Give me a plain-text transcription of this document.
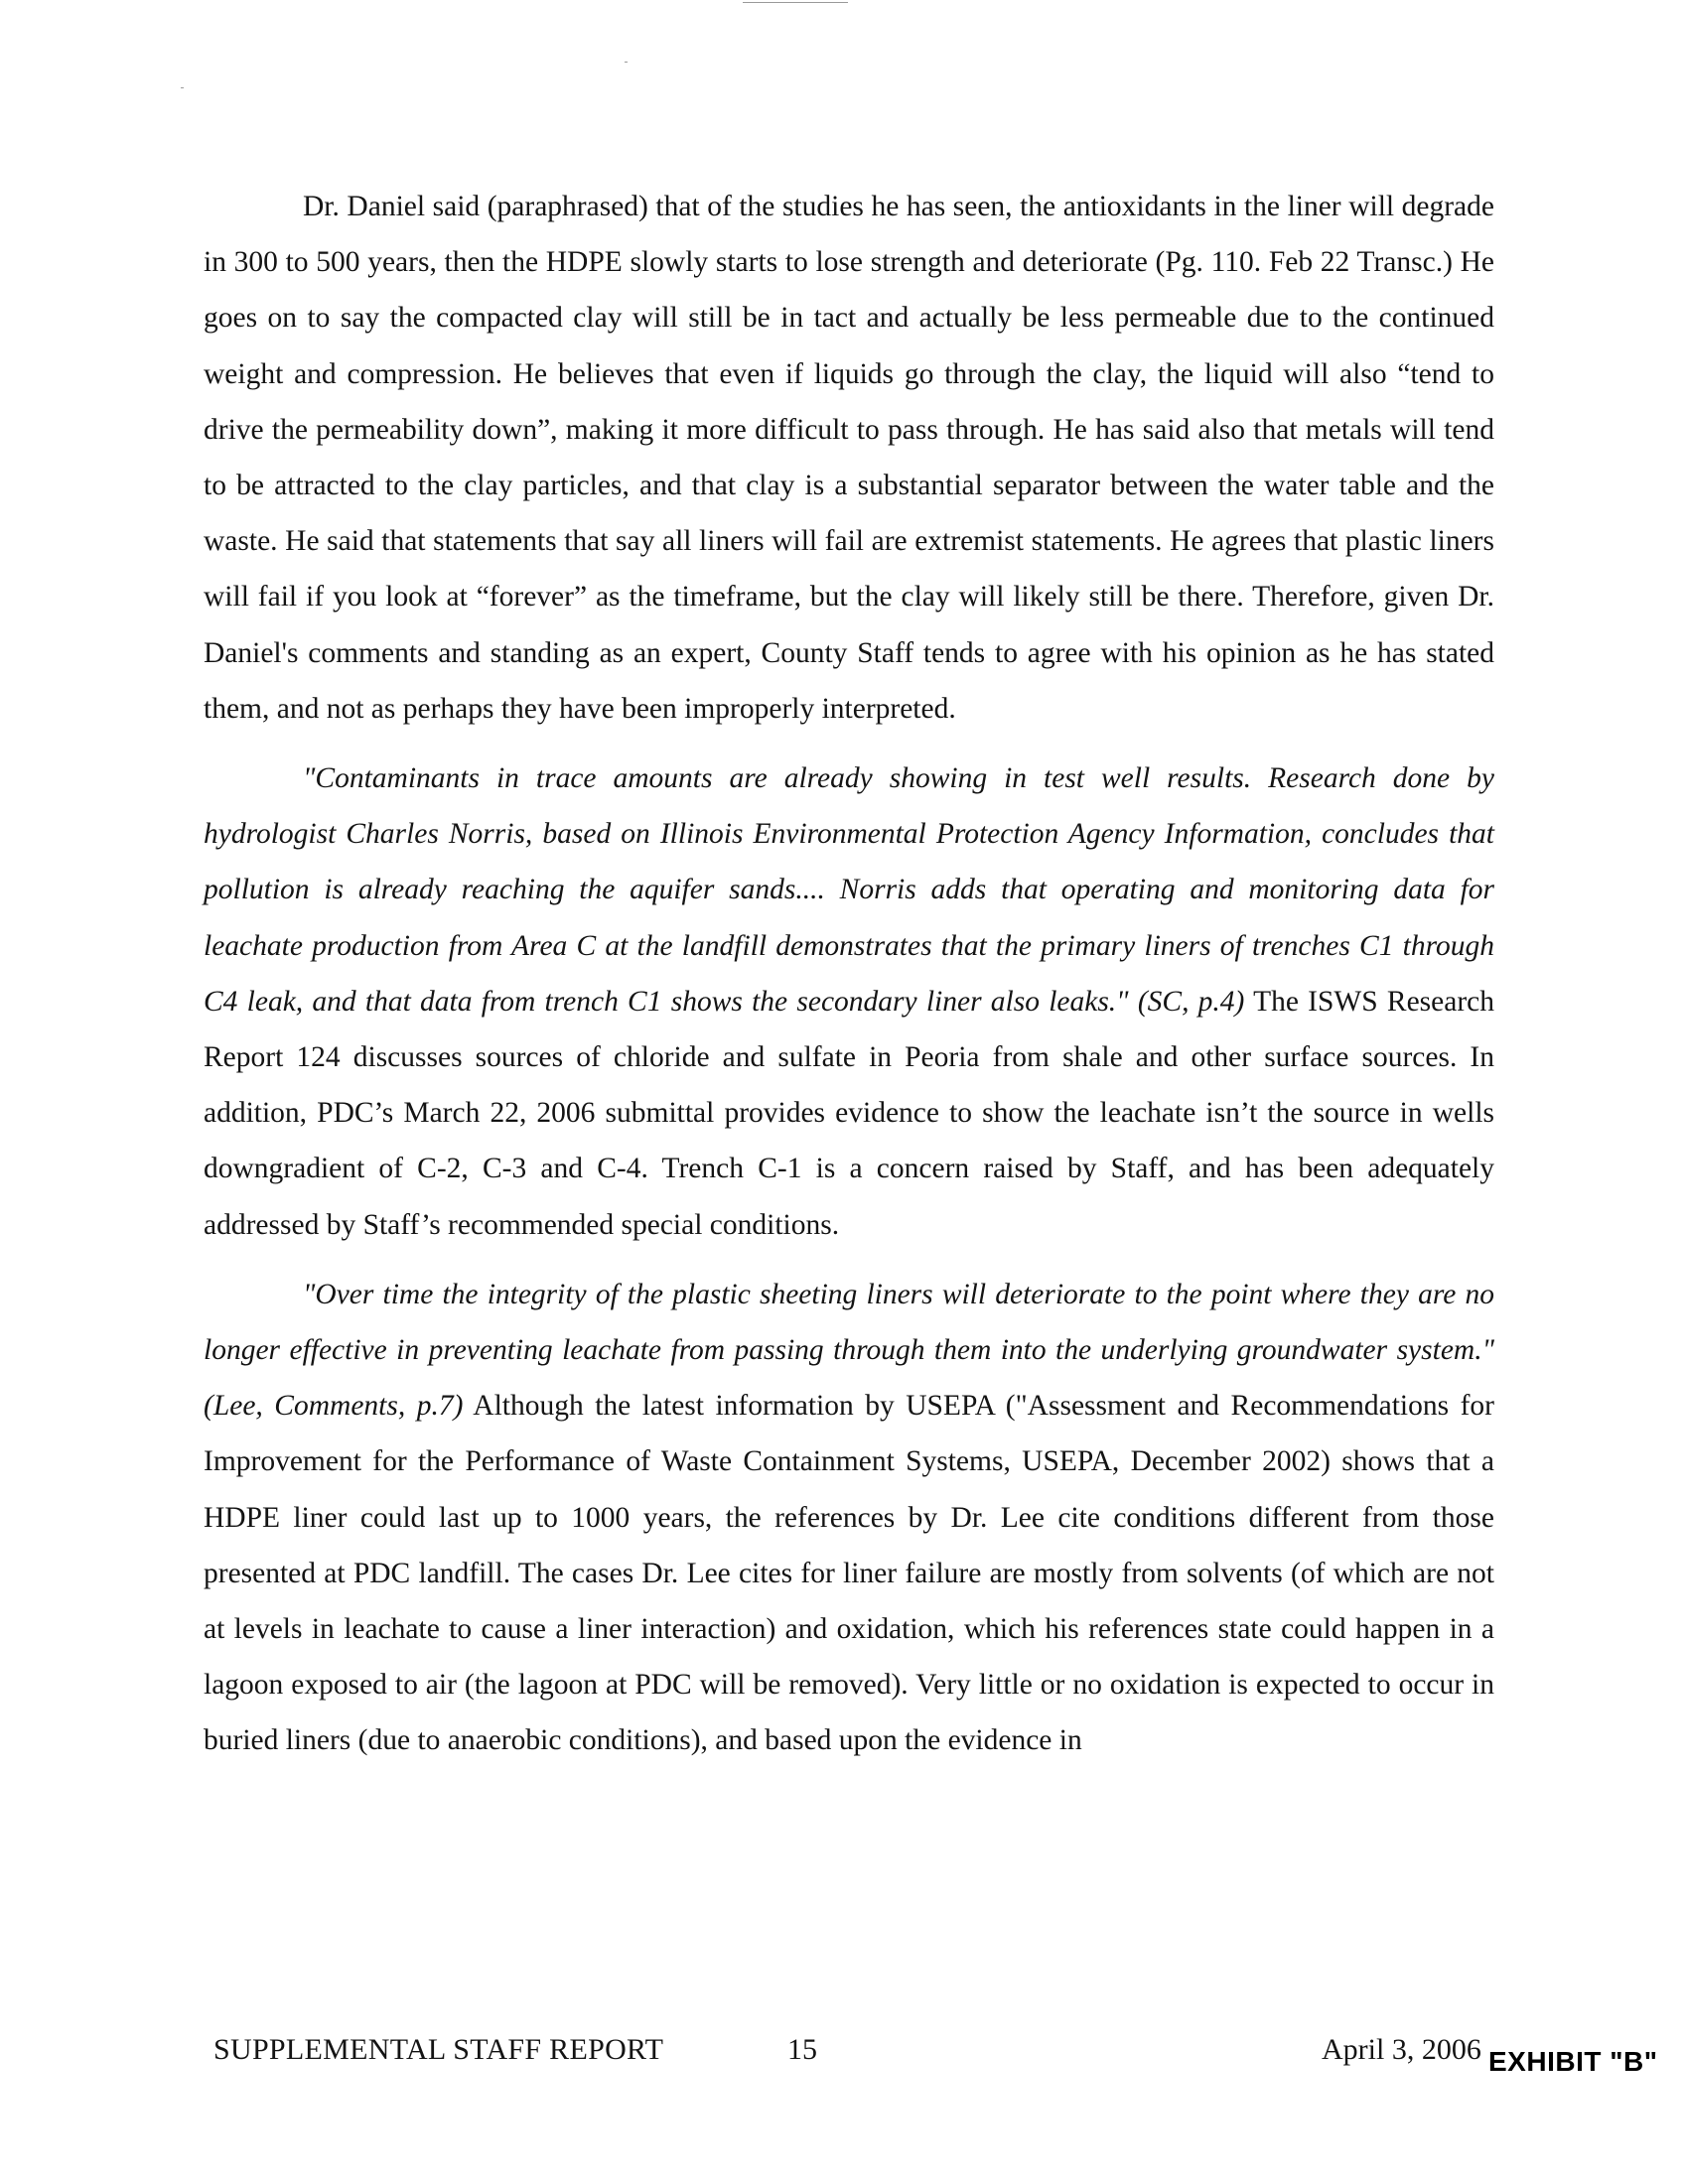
Dr. Daniel said (paraphrased) that of the studies he has seen, the antioxidants in the liner will degrade in 300 to 500 years, then the HDPE slowly starts to lose strength and deteriorate (Pg. 110. Feb 22 Transc.) He goes on to say the compacted clay will still be in tact and actually be less permeable due to the continued weight and compression. He believes that even if liquids go through the clay, the liquid will also “tend to drive the permeability down”, making it more difficult to pass through. He has said also that metals will tend to be attracted to the clay particles, and that clay is a substantial separator between the water table and the waste. He said that statements that say all liners will fail are extremist statements. He agrees that plastic liners will fail if you look at “forever” as the timeframe, but the clay will likely still be there. Therefore, given Dr. Daniel's comments and standing as an expert, County Staff tends to agree with his opinion as he has stated them, and not as perhaps they have been improperly interpreted.

"Contaminants in trace amounts are already showing in test well results. Research done by hydrologist Charles Norris, based on Illinois Environmental Protection Agency Information, concludes that pollution is already reaching the aquifer sands.... Norris adds that operating and monitoring data for leachate production from Area C at the landfill demonstrates that the primary liners of trenches C1 through C4 leak, and that data from trench C1 shows the secondary liner also leaks." (SC, p.4) The ISWS Research Report 124 discusses sources of chloride and sulfate in Peoria from shale and other surface sources. In addition, PDC’s March 22, 2006 submittal provides evidence to show the leachate isn’t the source in wells downgradient of C-2, C-3 and C-4. Trench C-1 is a concern raised by Staff, and has been adequately addressed by Staff’s recommended special conditions.

"Over time the integrity of the plastic sheeting liners will deteriorate to the point where they are no longer effective in preventing leachate from passing through them into the underlying groundwater system." (Lee, Comments, p.7) Although the latest information by USEPA ("Assessment and Recommendations for Improvement for the Performance of Waste Containment Systems, USEPA, December 2002) shows that a HDPE liner could last up to 1000 years, the references by Dr. Lee cite conditions different from those presented at PDC landfill. The cases Dr. Lee cites for liner failure are mostly from solvents (of which are not at levels in leachate to cause a liner interaction) and oxidation, which his references state could happen in a lagoon exposed to air (the lagoon at PDC will be removed). Very little or no oxidation is expected to occur in buried liners (due to anaerobic conditions), and based upon the evidence in

SUPPLEMENTAL STAFF REPORT	15	April 3, 2006 EXHIBIT "B"
